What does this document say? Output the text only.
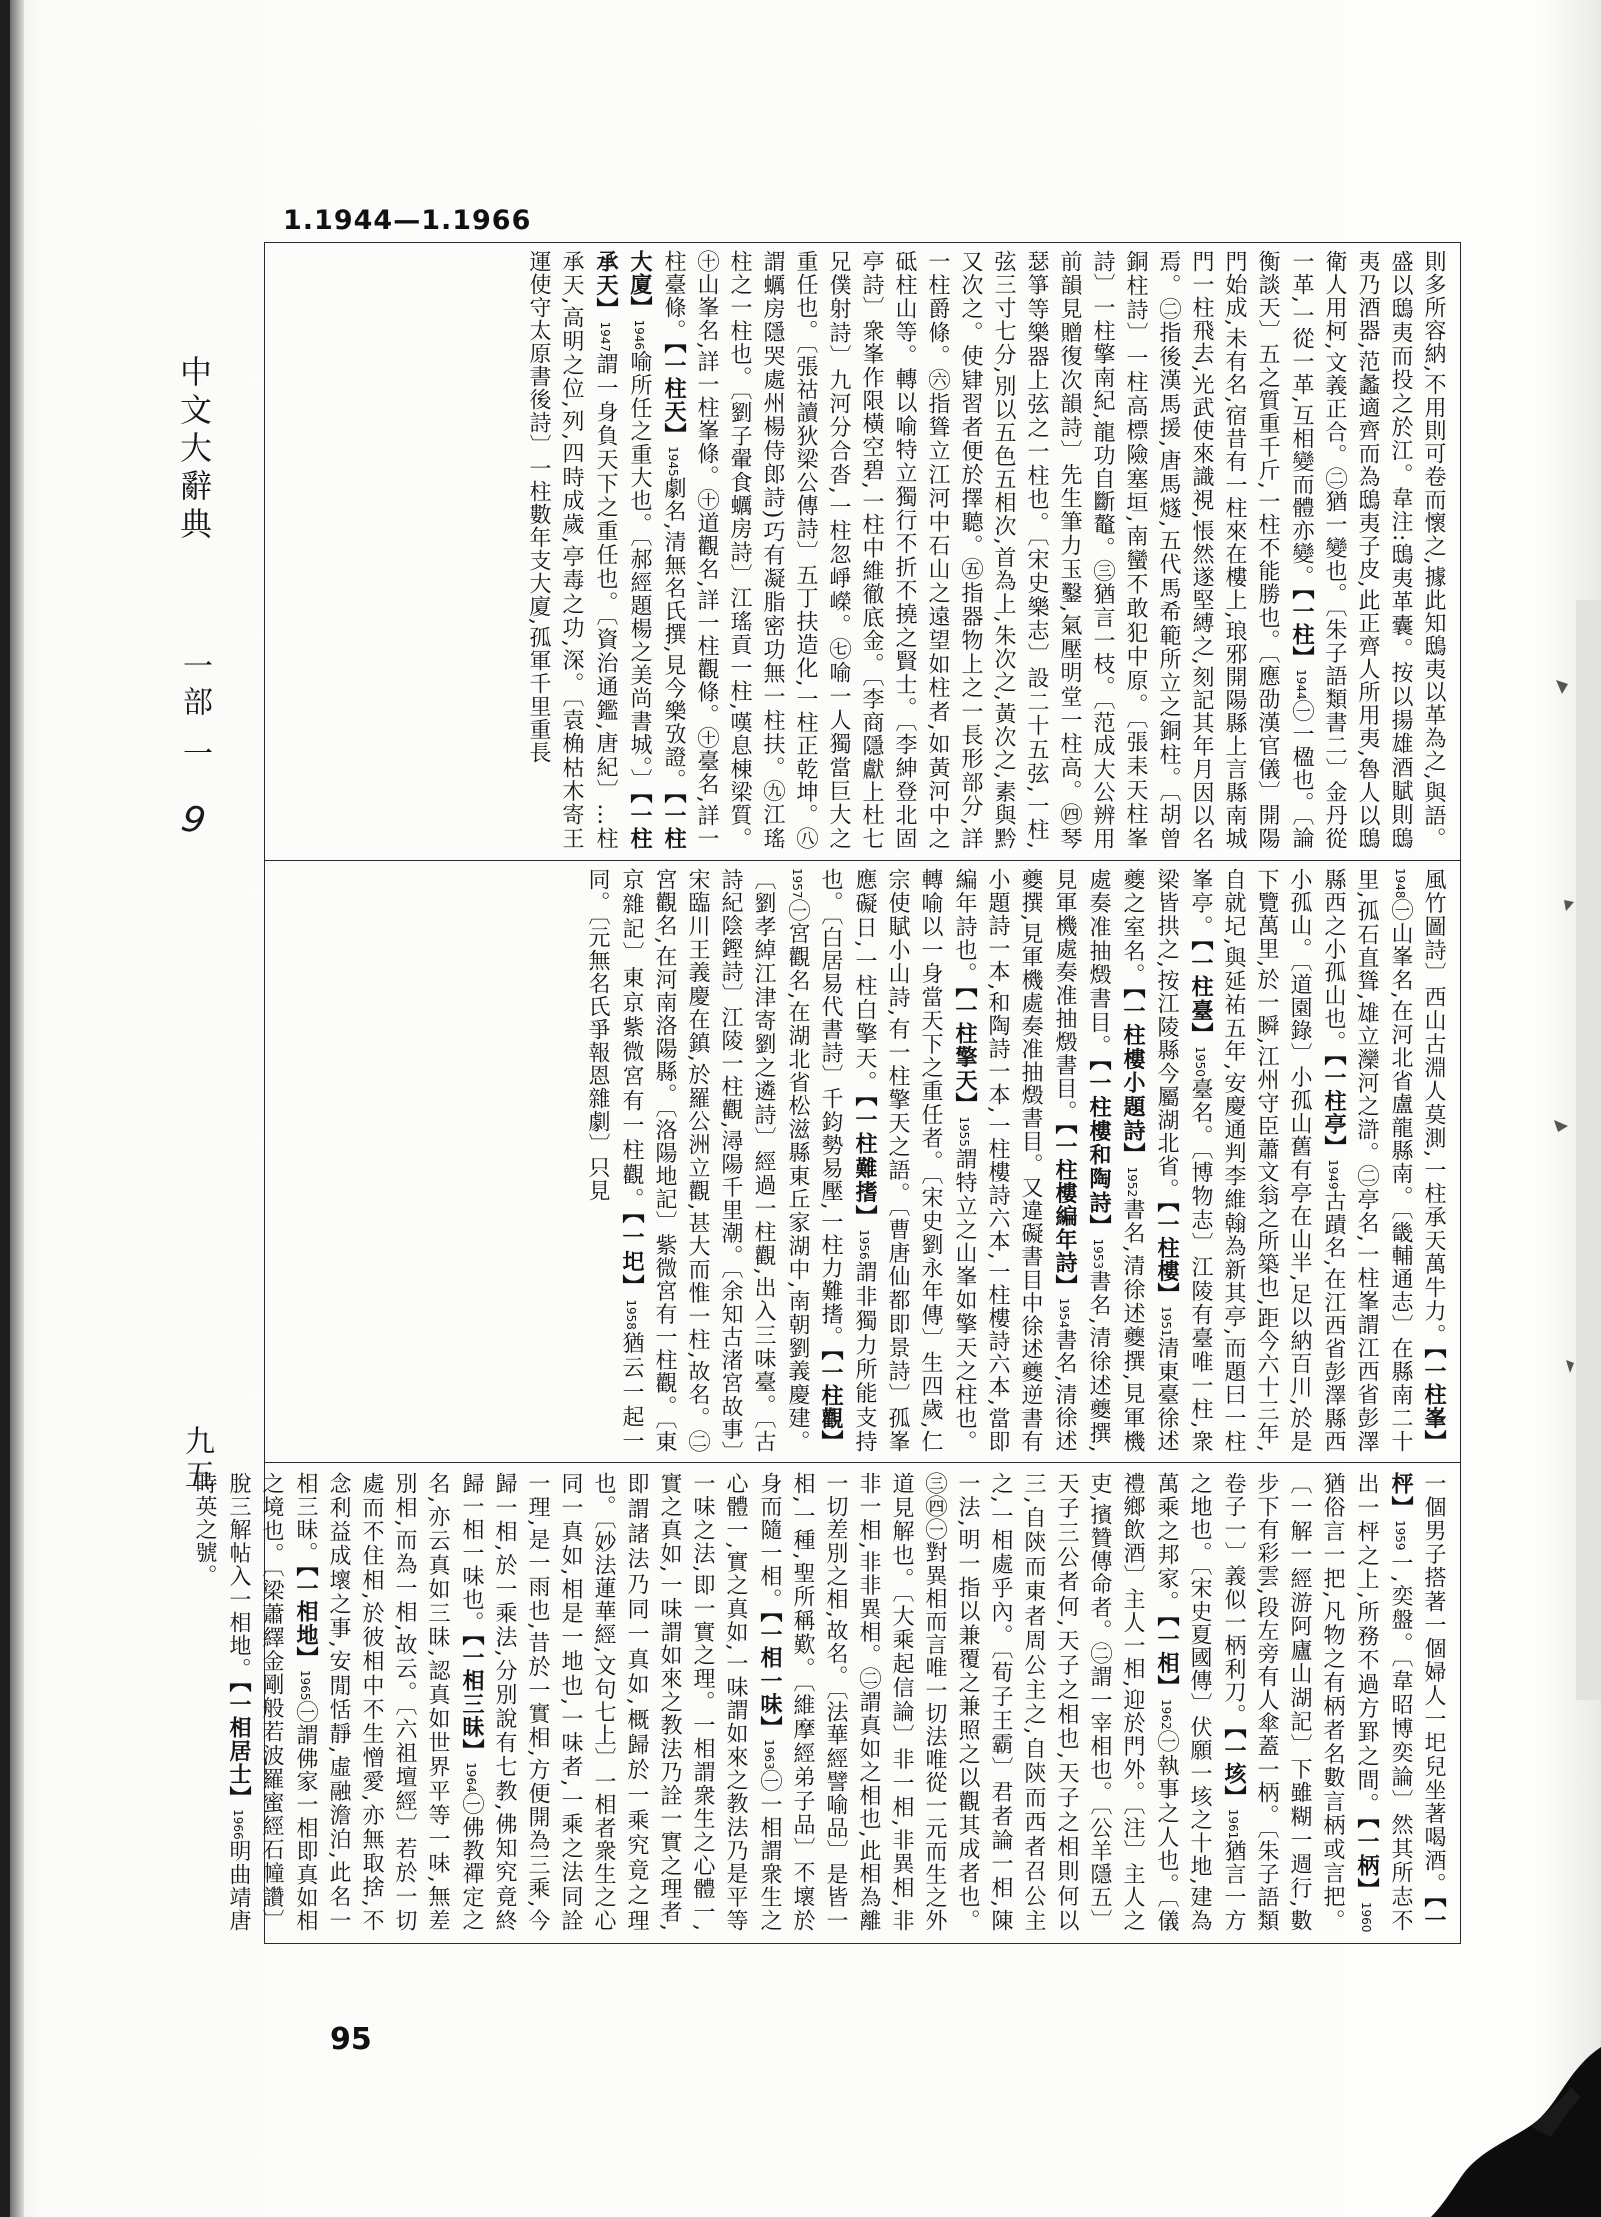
1.1944—1.1966
中文大辭典
一部 一
9
九五
則多所容納,不用則可卷而懷之,據此知鴟夷以革為之,與語。盛以鴟夷而投之於江。韋注:鴟夷革囊。按以揚雄酒賦則鴟夷乃酒器,范蠡適齊而為鴟夷子皮,此正齊人所用夷,魯人以鴟衛人用柯,文義正合。㊁猶一變也。〔朱子語類書二〕金丹從一革,一從一革,互相變而體亦變。【一柱】1944㊀一楹也。〔論衡談天〕五之質重千斤,一柱不能勝也。〔應劭漢官儀〕開陽門始成,未有名,宿昔有一柱來在樓上,琅邪開陽縣上言縣南城門一柱飛去,光武使來識視,悵然遂堅縛之,刻記其年月因以名焉。㊁指後漢馬援,唐馬燧,五代馬希範所立之銅柱。〔胡曾銅柱詩〕一柱高標險塞垣,南蠻不敢犯中原。〔張耒天柱峯詩〕一柱擎南紀,龍功自斷鼇。㊂猶言一枝。〔范成大公辨用前韻見贈復次韻詩〕先生筆力玉鑿,氣壓明堂一柱高。㊃琴瑟箏等樂器上弦之一柱也。〔宋史樂志〕設二十五弦,一柱,弦三寸七分,別以五色五相次,首為上,朱次之,黃次之,素與黔又次之。使肄習者便於擇聽。㊄指器物上之一長形部分,詳一柱爵條。㊅指聳立江河中石山之遠望如柱者,如黃河中之砥柱山等。轉以喻特立獨行不折不撓之賢士。〔李紳登北固亭詩〕衆峯作限橫空碧,一柱中維徹底金。〔李商隱獻上杜七兄僕射詩〕九河分合沓,一柱忽崢嶸。㊆喻一人獨當巨大之重任也。〔張祜讀狄梁公傳詩〕五丁扶造化,一柱正乾坤。㊇謂蠣房隱哭處州楊侍郎詩)巧有凝脂密功無一柱扶。㊈江瑤柱之一柱也。〔劉子翬食蠣房詩〕江瑤貢一柱,嘆息棟梁質。㊉山峯名,詳一柱峯條。㊉道觀名,詳一柱觀條。㊉臺名,詳一柱臺條。【一柱天】1945劇名,清無名氏撰,見今樂攷證。【一柱大廈】1946喻所任之重大也。〔郝經題楊之美尚書城。〕【一柱承天】1947謂一身負天下之重任也。〔資治通鑑,唐紀〕…柱承天,高明之位,列,四時成歲,亭毒之功,深。〔袁桷枯木寄王運使守太原書後詩〕一柱數年支大廈,孤軍千里重長
風竹圖詩〕西山古淵人莫測,一柱承天萬牛力。【一柱峯】1948㊀山峯名,在河北省盧龍縣南。〔畿輔通志〕在縣南二十里,孤石直聳,雄立灤河之滸。㊁亭名,一柱峯謂江西省彭澤縣西之小孤山也。【一柱亭】1949古蹟名,在江西省彭澤縣西小孤山。〔道園錄〕小孤山舊有亭在山半,足以納百川,於是下覽萬里,於一瞬,江州守臣蕭文翁之所築也,距今六十三年,自就圮,與延祐五年,安慶通判李維翰為新其亭,而題曰一柱峯亭。【一柱臺】1950臺名。〔博物志〕江陵有臺唯一柱,衆梁皆拱之,按江陵縣今屬湖北省。【一柱樓】1951清東臺徐述夔之室名。【一柱樓小題詩】1952書名,清徐述夔撰,見軍機處奏准抽燬書目。【一柱樓和陶詩】1953書名,清徐述夔撰,見軍機處奏准抽燬書目。【一柱樓編年詩】1954書名,清徐述夔撰,見軍機處奏准抽燬書目。又違礙書目中徐述夔逆書有小題詩一本,和陶詩一本,一柱樓詩六本,一柱樓詩六本,當即編年詩也。【一柱擎天】1955謂特立之山峯如擎天之柱也。轉喻以一身當天下之重任者。〔宋史劉永年傳〕生四歲,仁宗使賦小山詩,有一柱擎天之語。〔曹唐仙都即景詩〕孤峯應礙日,一柱白擎天。【一柱難搘】1956謂非獨力所能支持也。〔白居易代書詩〕千鈞勢易壓,一柱力難搘。【一柱觀】1957㊀宮觀名,在湖北省松滋縣東丘家湖中,南朝劉義慶建。〔劉孝綽江津寄劉之遴詩〕經過一柱觀,出入三味臺。〔古詩紀陰鏗詩〕江陵一柱觀,潯陽千里潮。〔余知古渚宮故事〕宋臨川王義慶在鎮,於羅公洲立觀,甚大而惟一柱,故名。㊁宮觀名,在河南洛陽縣。〔洛陽地記〕紫微宮有一柱觀。〔東京雜記〕東京紫微宮有一柱觀。【一圯】1958猶云一起一同。〔元無名氏爭報恩雜劇〕只見
一個男子搭著一個婦人一圯兒坐著喝酒。【一枰】1959一,奕盤。〔韋昭博奕論〕然其所志不出一枰之上,所務不過方罫之間。【一柄】1960猶俗言一把,凡物之有柄者名數言柄或言把。〔一解一經游阿廬山湖記〕下雖糊一週行,數步下有彩雲,段左旁有人傘蓋一柄。〔朱子語類卷子一〕義似一柄利刀。【一垓】1961猶言一方之地也。〔宋史夏國傳〕伏願一垓之十地,建為萬乘之邦家。【一相】1962㊀執事之人也。〔儀禮鄉飲酒〕主人一相,迎於門外。〔注〕主人之吏,擯贊傳命者。㊁謂一宰相也。〔公羊隱五〕天子三公者何,天子之相也,天子之相則何以三,自陝而東者周公主之,自陝而西者召公主之,一相處乎內。〔荀子王霸〕君者論一相,陳一法,明一指以兼覆之兼照之以觀其成者也。㊂㊃㊀對異相而言唯一切法唯從一元而生之外道見解也。〔大乘起信論〕非一相,非異相,非非一相,非非異相。㊁謂真如之相也,此相為離一切差別之相,故名。〔法華經譬喻品〕是皆一相,一種,聖所稱歎。〔維摩經弟子品〕不壞於身而隨一相。【一相一味】1963㊀一相謂衆生之心體一,實之真如,一味謂如來之教法乃是平等一味之法,即一實之理。一相謂衆生之心體一,實之真如,一味謂如來之教法乃詮一實之理者,即謂諸法乃同一真如,概歸於一乘究竟之理也。〔妙法蓮華經,文句七上〕一相者衆生之心同一真如,相是一地也,一味者,一乘之法同詮一理,是一雨也,昔於一實相,方便開為三乘,今歸一相,於一乘法,分別說有七教,佛知究竟終歸一相一味也。【一相三昧】1964㊀佛教禪定之名,亦云真如三昧,認真如世界平等一味,無差別相,而為一相,故云。〔六祖壇經〕若於一切處而不住相,於彼相中不生憎愛,亦無取捨,不念利益成壞之事,安閒恬靜,虛融澹泊,此名一相三昧。【一相地】1965㊀謂佛家一相即真如相之境也。〔梁蕭繹金剛般若波羅蜜經石幢讚〕脫三解帖入一相地。【一相居士】1966明曲靖唐時英之號。
95
